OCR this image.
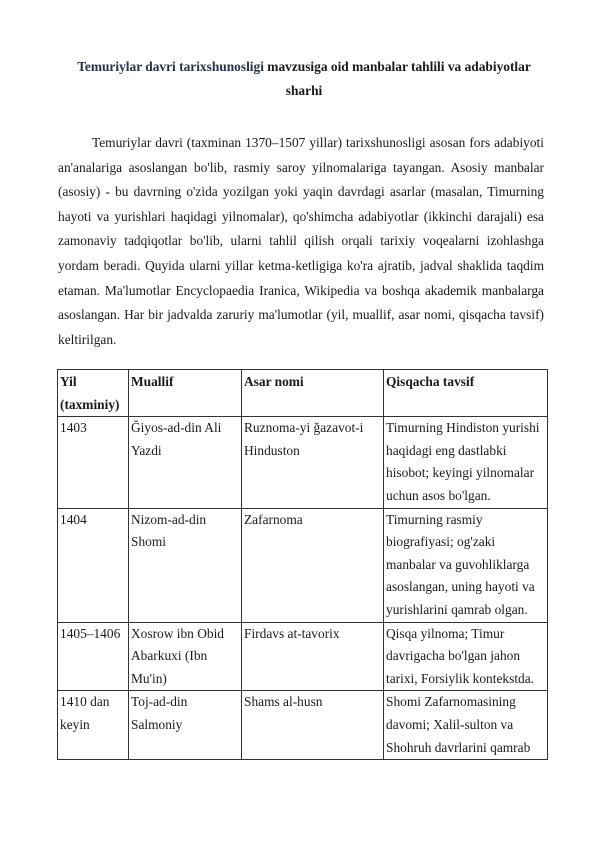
Temuriylar davri tarixshunosligi mavzusiga oid manbalar tahlili va adabiyotlar
sharhi

Temuriylar davri (taxminan 1370–1507 yillar) tarixshunosligi asosan fors adabiyoti an'analariga asoslangan bo'lib, rasmiy saroy yilnomalariga tayangan. Asosiy manbalar (asosiy) - bu davrning o'zida yozilgan yoki yaqin davrdagi asarlar (masalan, Timurning hayoti va yurishlari haqidagi yilnomalar), qo'shimcha adabiyotlar (ikkinchi darajali) esa zamonaviy tadqiqotlar bo'lib, ularni tahlil qilish orqali tarixiy voqealarni izohlashga yordam beradi. Quyida ularni yillar ketma-ketligiga ko'ra ajratib, jadval shaklida taqdim etaman. Ma'lumotlar Encyclopaedia Iranica, Wikipedia va boshqa akademik manbalarga asoslangan. Har bir jadvalda zaruriy ma'lumotlar (yil, muallif, asar nomi, qisqacha tavsif) keltirilgan.

Yil (taxminiy)	Muallif	Asar nomi	Qisqacha tavsif
1403	Ğiyos-ad-din Ali Yazdi	Ruznoma-yi ğazavot-i Hinduston	Timurning Hindiston yurishi haqidagi eng dastlabki hisobot; keyingi yilnomalar uchun asos bo'lgan.
1404	Nizom-ad-din Shomi	Zafarnoma	Timurning rasmiy biografiyasi; og'zaki manbalar va guvohliklarga asoslangan, uning hayoti va yurishlarini qamrab olgan.
1405–1406	Xosrow ibn Obid Abarkuxi (Ibn Mu'in)	Firdavs at-tavorix	Qisqa yilnoma; Timur davrigacha bo'lgan jahon tarixi, Forsiylik kontekstda.
1410 dan keyin	Toj-ad-din Salmoniy	Shams al-husn	Shomi Zafarnomasining davomi; Xalil-sulton va Shohruh davrlarini qamrab
